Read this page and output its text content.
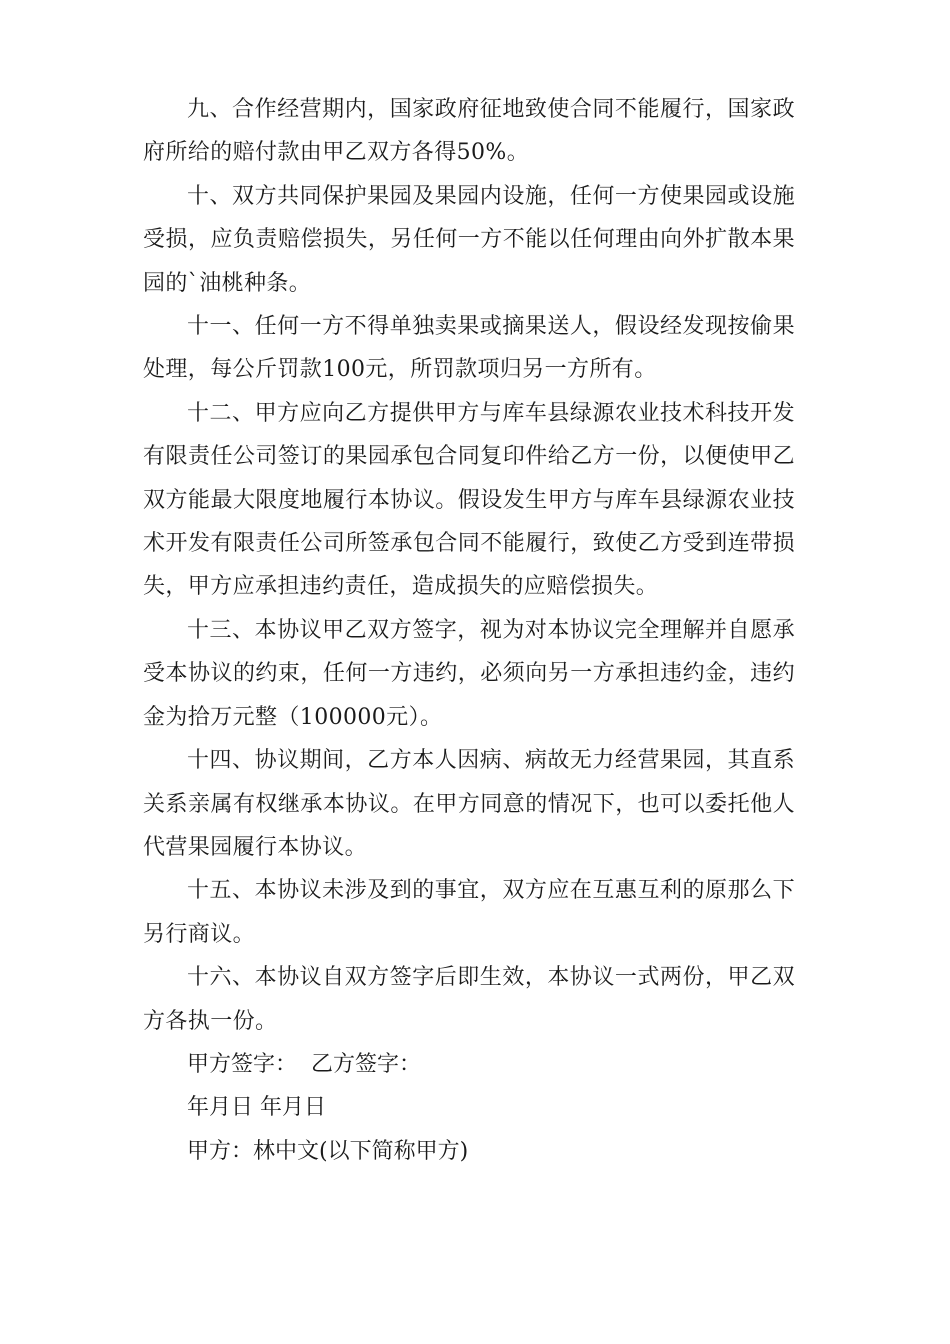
九、合作经营期内，国家政府征地致使合同不能履行，国家政府所给的赔付款由甲乙双方各得50%。

十、双方共同保护果园及果园内设施，任何一方使果园或设施受损，应负责赔偿损失，另任何一方不能以任何理由向外扩散本果园的`油桃种条。

十一、任何一方不得单独卖果或摘果送人，假设经发现按偷果处理，每公斤罚款100元，所罚款项归另一方所有。

十二、甲方应向乙方提供甲方与库车县绿源农业技术科技开发有限责任公司签订的果园承包合同复印件给乙方一份，以便使甲乙双方能最大限度地履行本协议。假设发生甲方与库车县绿源农业技术开发有限责任公司所签承包合同不能履行，致使乙方受到连带损失，甲方应承担违约责任，造成损失的应赔偿损失。

十三、本协议甲乙双方签字，视为对本协议完全理解并自愿承受本协议的约束，任何一方违约，必须向另一方承担违约金，违约金为拾万元整（100000元）。

十四、协议期间，乙方本人因病、病故无力经营果园，其直系关系亲属有权继承本协议。在甲方同意的情况下，也可以委托他人代营果园履行本协议。

十五、本协议未涉及到的事宜，双方应在互惠互利的原那么下另行商议。

十六、本协议自双方签字后即生效，本协议一式两份，甲乙双方各执一份。

甲方签字：  乙方签字：

年月日 年月日

甲方：林中文(以下简称甲方)
